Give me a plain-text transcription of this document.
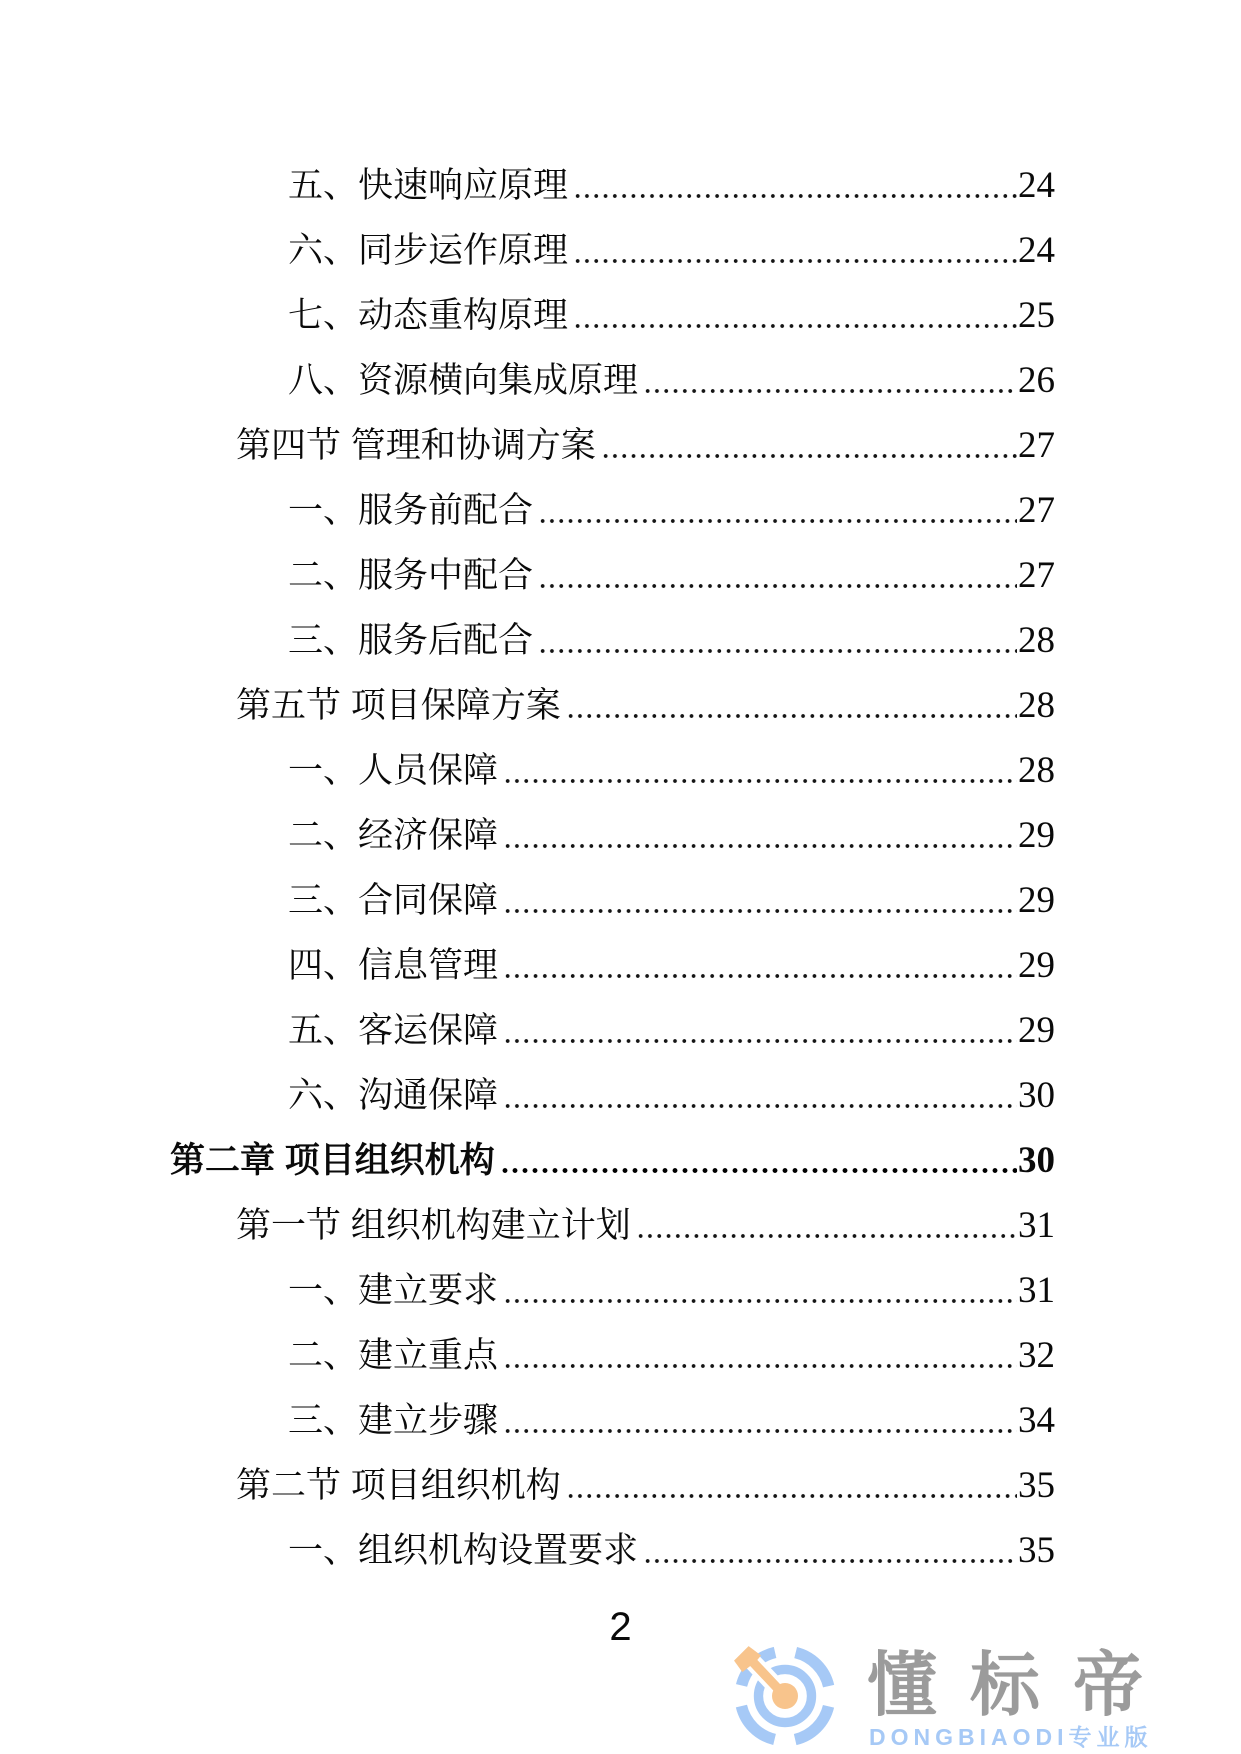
五、快速响应原理	24
六、同步运作原理	24
七、动态重构原理	25
八、资源横向集成原理	26
第四节 管理和协调方案	27
一、服务前配合	27
二、服务中配合	27
三、服务后配合	28
第五节 项目保障方案	28
一、人员保障	28
二、经济保障	29
三、合同保障	29
四、信息管理	29
五、客运保障	29
六、沟通保障	30
第二章 项目组织机构	30
第一节 组织机构建立计划	31
一、建立要求	31
二、建立重点	32
三、建立步骤	34
第二节 项目组织机构	35
一、组织机构设置要求	35
2
懂标帝
DONGBIAODI专业版
